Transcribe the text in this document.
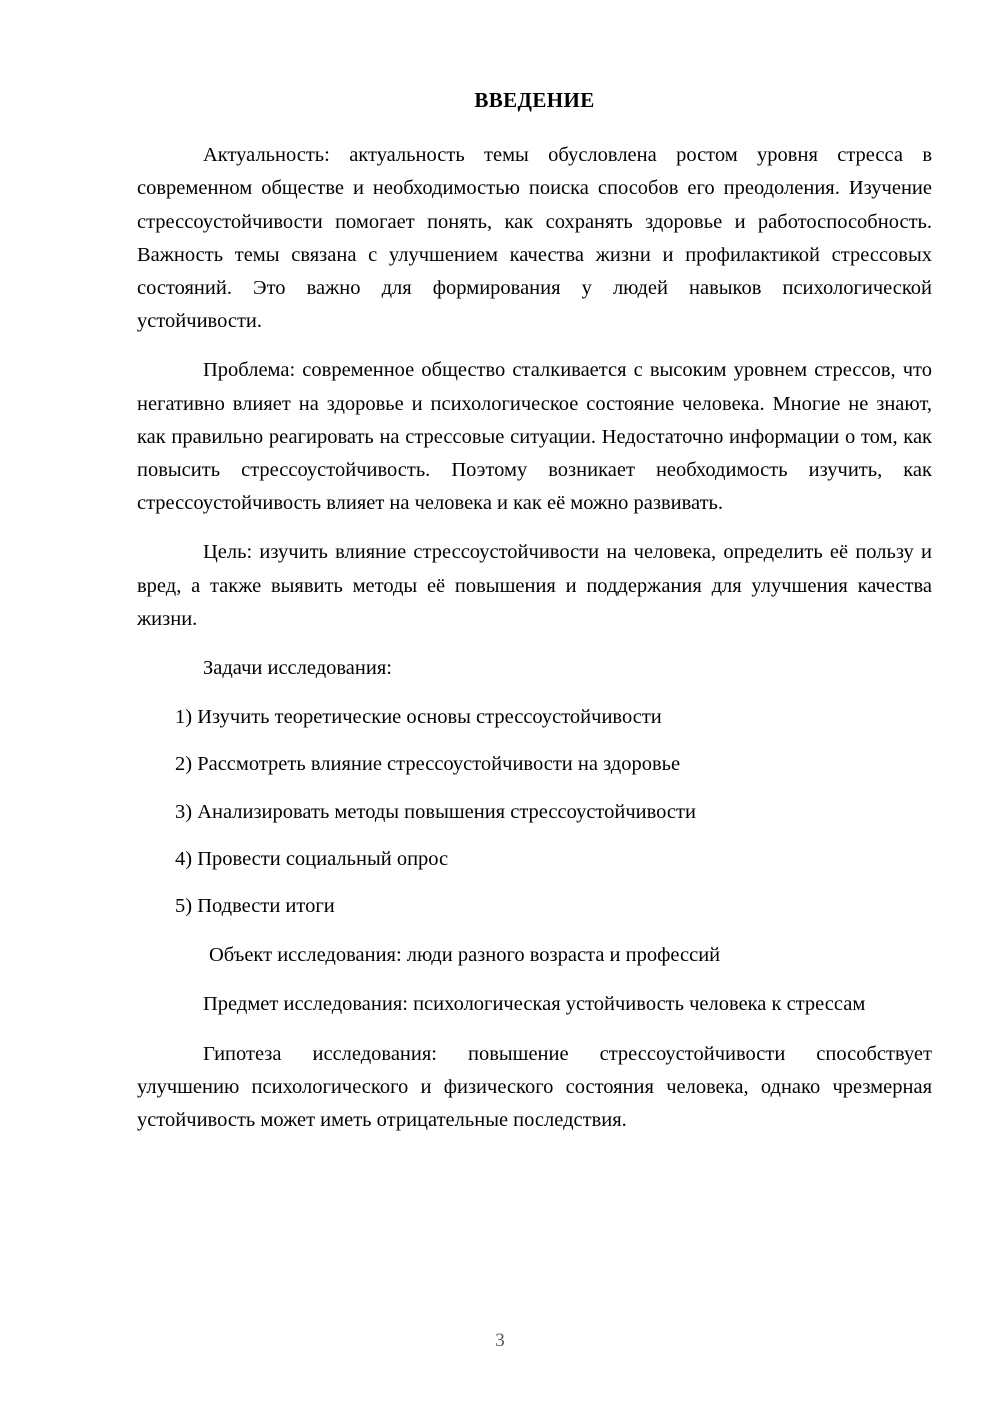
ВВЕДЕНИЕ

Актуальность: актуальность темы обусловлена ростом уровня стресса в современном обществе и необходимостью поиска способов его преодоления. Изучение стрессоустойчивости помогает понять, как сохранять здоровье и работоспособность. Важность темы связана с улучшением качества жизни и профилактикой стрессовых состояний. Это важно для формирования у людей навыков психологической устойчивости.

Проблема: современное общество сталкивается с высоким уровнем стрессов, что негативно влияет на здоровье и психологическое состояние человека. Многие не знают, как правильно реагировать на стрессовые ситуации. Недостаточно информации о том, как повысить стрессоустойчивость. Поэтому возникает необходимость изучить, как стрессоустойчивость влияет на человека и как её можно развивать.

Цель: изучить влияние стрессоустойчивости на человека, определить её пользу и вред, а также выявить методы её повышения и поддержания для улучшения качества жизни.

Задачи исследования:

1) Изучить теоретические основы стрессоустойчивости
2) Рассмотреть влияние стрессоустойчивости на здоровье
3) Анализировать методы повышения стрессоустойчивости
4) Провести социальный опрос
5) Подвести итоги

Объект исследования: люди разного возраста и профессий

Предмет исследования: психологическая устойчивость человека к стрессам

Гипотеза исследования: повышение стрессоустойчивости способствует улучшению психологического и физического состояния человека, однако чрезмерная устойчивость может иметь отрицательные последствия.

3
